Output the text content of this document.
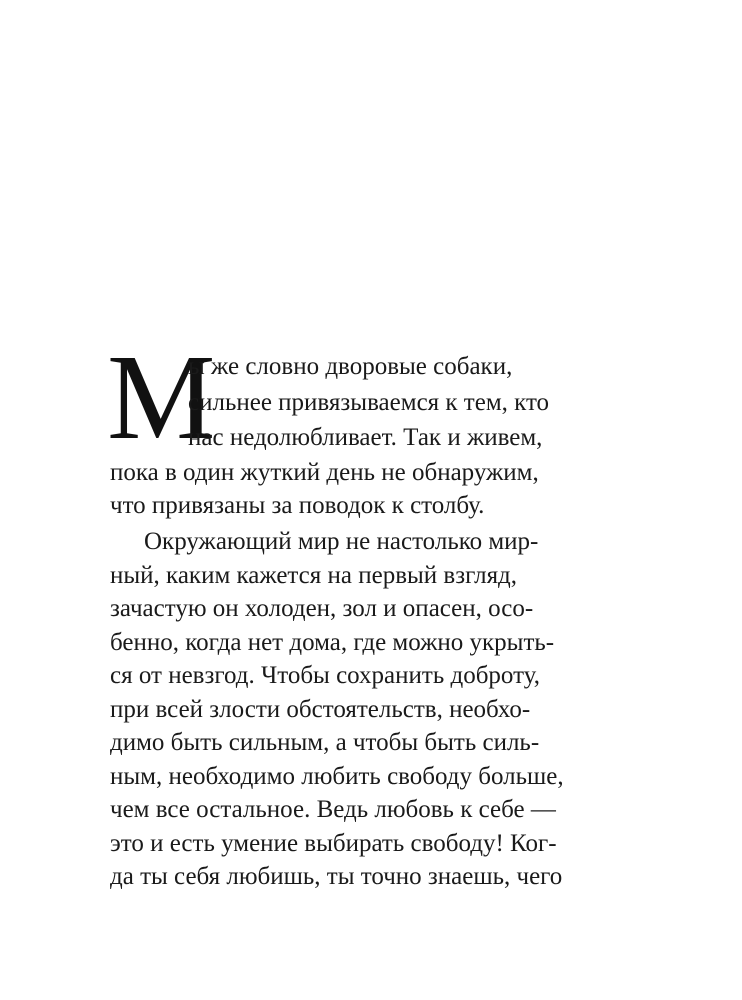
М
ы же словно дворовые собаки,
сильнее привязываемся к тем, кто
нас недолюбливает. Так и живем,
пока в один жуткий день не обнаружим,
что привязаны за поводок к столбу.
Окружающий мир не настолько мир-
ный, каким кажется на первый взгляд,
зачастую он холоден, зол и опасен, осо-
бенно, когда нет дома, где можно укрыть-
ся от невзгод. Чтобы сохранить доброту,
при всей злости обстоятельств, необхо-
димо быть сильным, а чтобы быть силь-
ным, необходимо любить свободу больше,
чем все остальное. Ведь любовь к себе —
это и есть умение выбирать свободу! Ког-
да ты себя любишь, ты точно знаешь, чего
